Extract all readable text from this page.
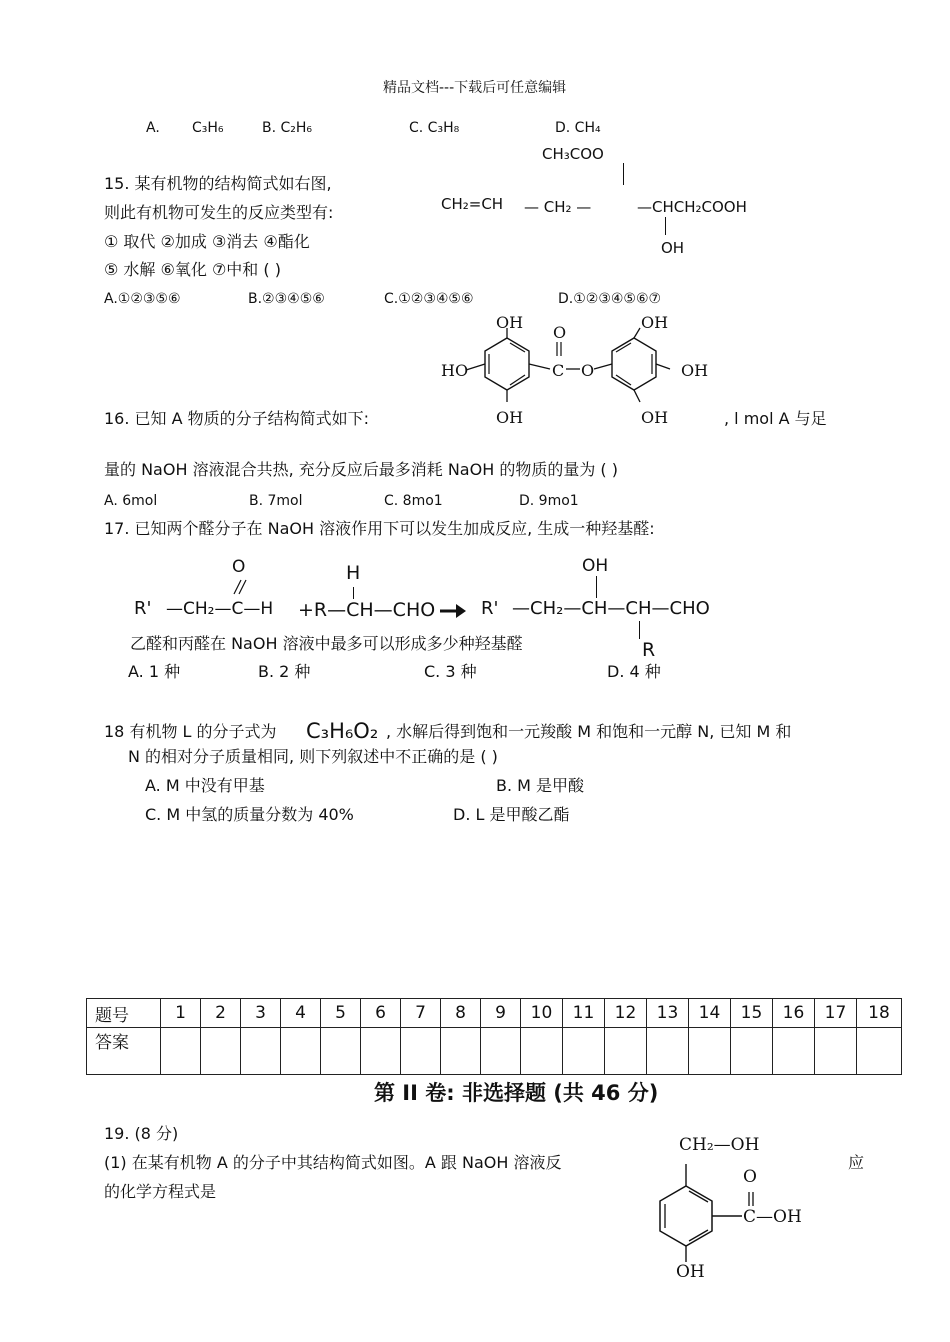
精品文档---下载后可任意编辑
A. C₃H₆	B. C₂H₆	C. C₃H₈	D. CH₄
15. 某有机物的结构简式如右图,
则此有机物可发生的反应类型有:
① 取代 ②加成 ③消去 ④酯化
⑤ 水解 ⑥氧化 ⑦中和 ( )
A.①②③⑤⑥	B.②③④⑤⑥	C.①②③④⑤⑥	D.①②③④⑤⑥⑦
CH₃COO
CH₂=CH — CH₂ —	—CHCH₂COOH
OH
OH
HO
OH
O
C O
OH
OH
OH
16. 已知 A 物质的分子结构简式如下:	, l mol A 与足
量的 NaOH 溶液混合共热, 充分反应后最多消耗 NaOH 的物质的量为 ( )
A. 6mol	B. 7mol	C. 8mo1	D. 9mo1
17. 已知两个醛分子在 NaOH 溶液作用下可以发生加成反应, 生成一种羟基醛:
O
R' —CH₂—C—H
H
+R—CH—CHO	R' —CH₂—CH—CH—CHO
OH
R
乙醛和丙醛在 NaOH 溶液中最多可以形成多少种羟基醛
A. 1 种	B. 2 种	C. 3 种	D. 4 种
18 有机物 L 的分子式为 C₃H₆O₂ , 水解后得到饱和一元羧酸 M 和饱和一元醇 N, 已知 M 和
N 的相对分子质量相同, 则下列叙述中不正确的是 ( )
A. M 中没有甲基	B. M 是甲酸
C. M 中氢的质量分数为 40%	D. L 是甲酸乙酯
题号	1	2	3	4	5	6	7	8	9	10	11	12	13	14	15	16	17	18
答案																		
第 II 卷: 非选择题 (共 46 分)
19. (8 分)
(1) 在某有机物 A 的分子中其结构简式如图。A 跟 NaOH 溶液反	应
的化学方程式是
CH₂—OH
O
C—OH
OH
